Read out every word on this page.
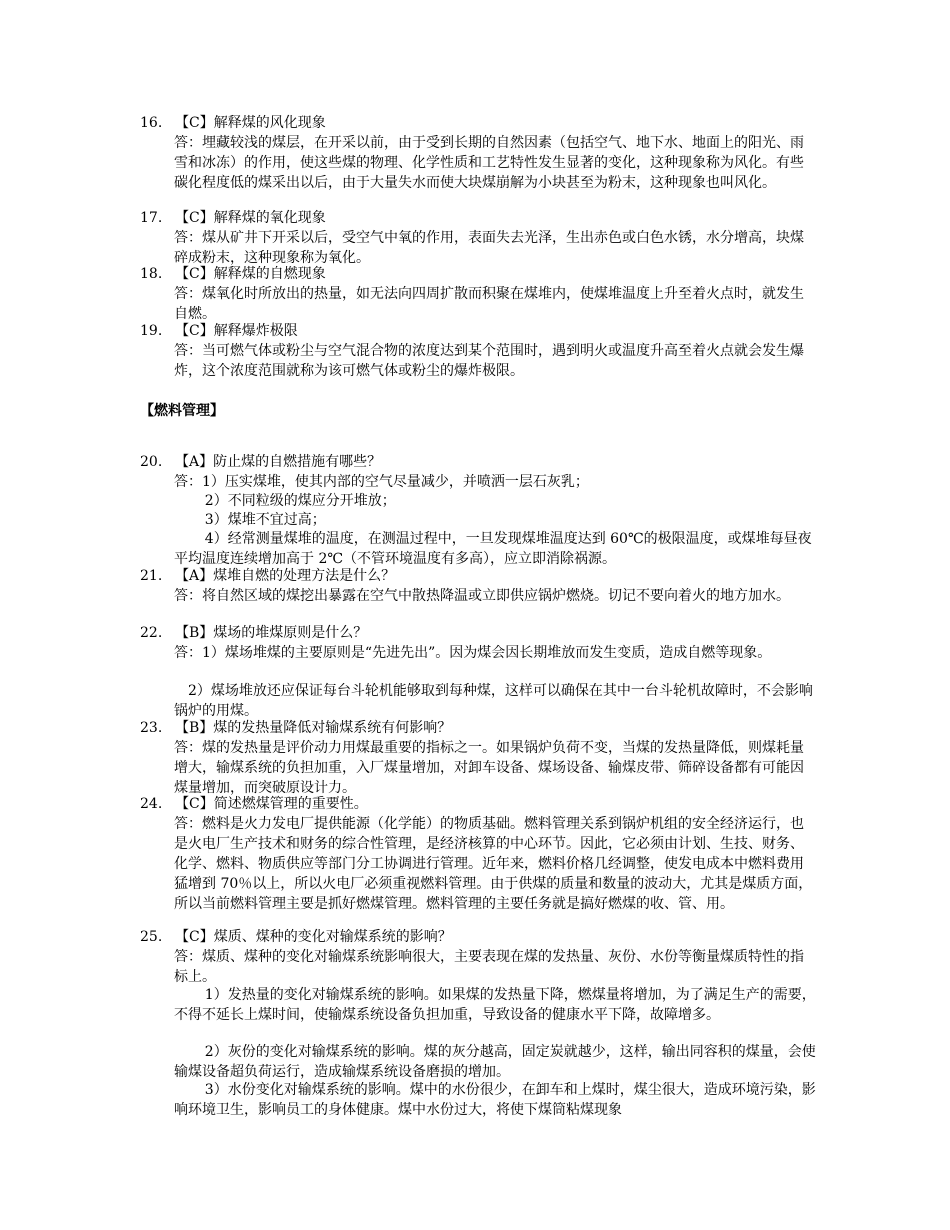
16. 【C】解释煤的风化现象

答：埋藏较浅的煤层，在开采以前，由于受到长期的自然因素（包括空气、地下水、地面上的阳光、雨雪和冰冻）的作用，使这些煤的物理、化学性质和工艺特性发生显著的变化，这种现象称为风化。有些碳化程度低的煤采出以后，由于大量失水而使大块煤崩解为小块甚至为粉末，这种现象也叫风化。

17. 【C】解释煤的氧化现象

答：煤从矿井下开采以后，受空气中氧的作用，表面失去光泽，生出赤色或白色水锈，水分增高，块煤碎成粉末，这种现象称为氧化。

18. 【C】解释煤的自燃现象

答：煤氧化时所放出的热量，如无法向四周扩散而积聚在煤堆内，使煤堆温度上升至着火点时，就发生自燃。

19. 【C】解释爆炸极限

答：当可燃气体或粉尘与空气混合物的浓度达到某个范围时，遇到明火或温度升高至着火点就会发生爆炸，这个浓度范围就称为该可燃气体或粉尘的爆炸极限。

【燃料管理】
20. 【A】防止煤的自燃措施有哪些？

答：1）压实煤堆，使其内部的空气尽量减少，并喷洒一层石灰乳；

2）不同粒级的煤应分开堆放；

3）煤堆不宜过高；

4）经常测量煤堆的温度，在测温过程中，一旦发现煤堆温度达到 60℃的极限温度，或煤堆每昼夜平均温度连续增加高于 2℃（不管环境温度有多高），应立即消除祸源。

21. 【A】煤堆自燃的处理方法是什么？

答：将自然区域的煤挖出暴露在空气中散热降温或立即供应锅炉燃烧。切记不要向着火的地方加水。

22. 【B】煤场的堆煤原则是什么？

答：1）煤场堆煤的主要原则是“先进先出”。因为煤会因长期堆放而发生变质，造成自燃等现象。

2）煤场堆放还应保证每台斗轮机能够取到每种煤，这样可以确保在其中一台斗轮机故障时，不会影响锅炉的用煤。

23. 【B】煤的发热量降低对输煤系统有何影响？

答：煤的发热量是评价动力用煤最重要的指标之一。如果锅炉负荷不变，当煤的发热量降低，则煤耗量增大，输煤系统的负担加重，入厂煤量增加，对卸车设备、煤场设备、输煤皮带、筛碎设备都有可能因煤量增加，而突破原设计力。

24. 【C】简述燃煤管理的重要性。

答：燃料是火力发电厂提供能源（化学能）的物质基础。燃料管理关系到锅炉机组的安全经济运行，也是火电厂生产技术和财务的综合性管理，是经济核算的中心环节。因此，它必须由计划、生技、财务、化学、燃料、物质供应等部门分工协调进行管理。近年来，燃料价格几经调整，使发电成本中燃料费用猛增到 70％以上，所以火电厂必须重视燃料管理。由于供煤的质量和数量的波动大，尤其是煤质方面，所以当前燃料管理主要是抓好燃煤管理。燃料管理的主要任务就是搞好燃煤的收、管、用。

25. 【C】煤质、煤种的变化对输煤系统的影响？

答：煤质、煤种的变化对输煤系统影响很大，主要表现在煤的发热量、灰份、水份等衡量煤质特性的指标上。

1）发热量的变化对输煤系统的影响。如果煤的发热量下降，燃煤量将增加，为了满足生产的需要，不得不延长上煤时间，使输煤系统设备负担加重，导致设备的健康水平下降，故障增多。

2）灰份的变化对输煤系统的影响。煤的灰分越高，固定炭就越少，这样，输出同容积的煤量，会使输煤设备超负荷运行，造成输煤系统设备磨损的增加。

3）水份变化对输煤系统的影响。煤中的水份很少，在卸车和上煤时，煤尘很大，造成环境污染，影响环境卫生，影响员工的身体健康。煤中水份过大，将使下煤筒粘煤现象
